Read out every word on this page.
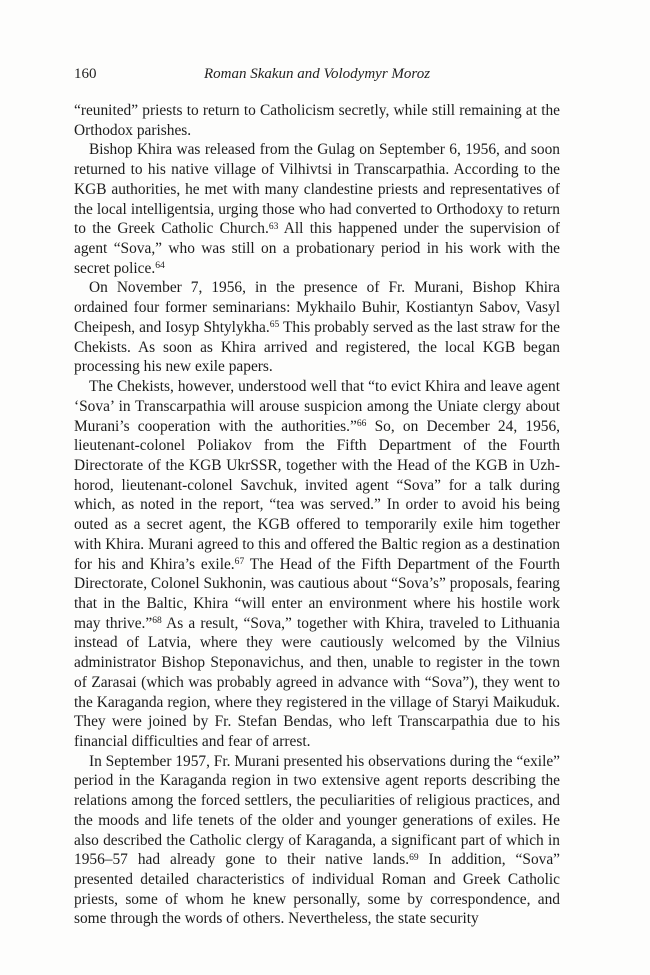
160	Roman Skakun and Volodymyr Moroz

“reunited” priests to return to Catholicism secretly, while still remaining at the Orthodox parishes.

Bishop Khira was released from the Gulag on September 6, 1956, and soon returned to his native village of Vilhivtsi in Transcarpathia. According to the KGB authorities, he met with many clandestine priests and representatives of the local intelligentsia, urging those who had converted to Orthodoxy to return to the Greek Catholic Church.$^{63}$ All this happened under the supervision of agent “Sova,” who was still on a probationary period in his work with the secret police.$^{64}$

On November 7, 1956, in the presence of Fr. Murani, Bishop Khira ordained four former seminarians: Mykhailo Buhir, Kostiantyn Sabov, Vasyl Cheipesh, and Iosyp Shtylykha.$^{65}$ This probably served as the last straw for the Chekists. As soon as Khira arrived and registered, the local KGB began processing his new exile papers.

The Chekists, however, understood well that “to evict Khira and leave agent ‘Sova’ in Transcarpathia will arouse suspicion among the Uniate clergy about Murani’s cooperation with the authorities.”$^{66}$ So, on December 24, 1956, lieutenant-colonel Poliakov from the Fifth Department of the Fourth Directorate of the KGB UkrSSR, together with the Head of the KGB in Uzhhorod, lieutenant-colonel Savchuk, invited agent “Sova” for a talk during which, as noted in the report, “tea was served.” In order to avoid his being outed as a secret agent, the KGB offered to temporarily exile him together with Khira. Murani agreed to this and offered the Baltic region as a destination for his and Khira’s exile.$^{67}$ The Head of the Fifth Department of the Fourth Directorate, Colonel Sukhonin, was cautious about “Sova’s” proposals, fearing that in the Baltic, Khira “will enter an environment where his hostile work may thrive.”$^{68}$ As a result, “Sova,” together with Khira, traveled to Lithuania instead of Latvia, where they were cautiously welcomed by the Vilnius administrator Bishop Steponavichus, and then, unable to register in the town of Zarasai (which was probably agreed in advance with “Sova”), they went to the Karaganda region, where they registered in the village of Staryi Maikuduk. They were joined by Fr. Stefan Bendas, who left Transcarpathia due to his financial difficulties and fear of arrest.

In September 1957, Fr. Murani presented his observations during the “exile” period in the Karaganda region in two extensive agent reports describing the relations among the forced settlers, the peculiarities of religious practices, and the moods and life tenets of the older and younger generations of exiles. He also described the Catholic clergy of Karaganda, a significant part of which in 1956–57 had already gone to their native lands.$^{69}$ In addition, “Sova” presented detailed characteristics of individual Roman and Greek Catholic priests, some of whom he knew personally, some by correspondence, and some through the words of others. Nevertheless, the state security
